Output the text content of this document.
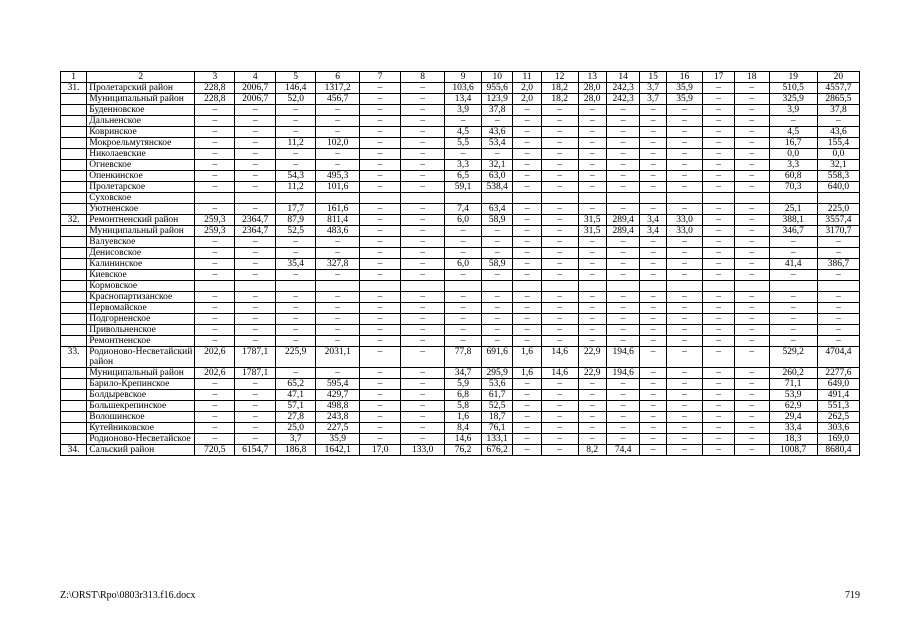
1	2	3	4	5	6	7	8	9	10	11	12	13	14	15	16	17	18	19	20
31.	Пролетарский район	228,8	2006,7	146,4	1317,2	–	–	103,6	955,6	2,0	18,2	28,0	242,3	3,7	35,9	–	–	510,5	4557,7
	Муниципальный район	228,8	2006,7	52,0	456,7	–	–	13,4	123,9	2,0	18,2	28,0	242,3	3,7	35,9	–	–	325,9	2865,5
	Буденновское	–	–	–	–	–	–	3,9	37,8	–	–	–	–	–	–	–	–	3,9	37,8
	Дальненское	–	–	–	–	–	–	–	–	–	–	–	–	–	–	–	–	–	–
	Ковринское	–	–	–	–	–	–	4,5	43,6	–	–	–	–	–	–	–	–	4,5	43,6
	Мокроельмутянское	–	–	11,2	102,0	–	–	5,5	53,4	–	–	–	–	–	–	–	–	16,7	155,4
	Николаевские	–	–	–	–	–	–	–	–	–	–	–	–	–	–	–	–	0,0	0,0
	Огневское	–	–	–	–	–	–	3,3	32,1	–	–	–	–	–	–	–	–	3,3	32,1
	Опенкинское	–	–	54,3	495,3	–	–	6,5	63,0	–	–	–	–	–	–	–	–	60,8	558,3
	Пролетарское	–	–	11,2	101,6	–	–	59,1	538,4	–	–	–	–	–	–	–	–	70,3	640,0
	Суховское																		
	Уютненское	–	–	17,7	161,6	–	–	7,4	63,4	–	–	–	–	–	–	–	–	25,1	225,0
32.	Ремонтненский район	259,3	2364,7	87,9	811,4	–	–	6,0	58,9	–	–	31,5	289,4	3,4	33,0	–	–	388,1	3557,4
	Муниципальный район	259,3	2364,7	52,5	483,6	–	–	–	–	–	–	31,5	289,4	3,4	33,0	–	–	346,7	3170,7
	Валуевское	–	–	–	–	–	–	–	–	–	–	–	–	–	–	–	–	–	–
	Денисовское	–	–	–	–	–	–	–	–	–	–	–	–	–	–	–	–	–	–
	Калининское	–	–	35,4	327,8	–	–	6,0	58,9	–	–	–	–	–	–	–	–	41,4	386,7
	Киевское	–	–	–	–	–	–	–	–	–	–	–	–	–	–	–	–	–	–
	Кормовское																		
	Краснопартизанское	–	–	–	–	–	–	–	–	–	–	–	–	–	–	–	–	–	–
	Первомайское	–	–	–	–	–	–	–	–	–	–	–	–	–	–	–	–	–	–
	Подгорненское	–	–	–	–	–	–	–	–	–	–	–	–	–	–	–	–	–	–
	Привольненское	–	–	–	–	–	–	–	–	–	–	–	–	–	–	–	–	–	–
	Ремонтненское	–	–	–	–	–	–	–	–	–	–	–	–	–	–	–	–	–	–
33.	Родионово-Несветайский район	202,6	1787,1	225,9	2031,1	–	–	77,8	691,6	1,6	14,6	22,9	194,6	–	–	–	–	529,2	4704,4
	Муниципальный район	202,6	1787,1	–	–	–	–	34,7	295,9	1,6	14,6	22,9	194,6	–	–	–	–	260,2	2277,6
	Барило-Крепинское	–	–	65,2	595,4	–	–	5,9	53,6	–	–	–	–	–	–	–	–	71,1	649,0
	Болдыревское	–	–	47,1	429,7	–	–	6,8	61,7	–	–	–	–	–	–	–	–	53,9	491,4
	Большекрепинское	–	–	57,1	498,8	–	–	5,8	52,5	–	–	–	–	–	–	–	–	62,9	551,3
	Волошинское	–	–	27,8	243,8	–	–	1,6	18,7	–	–	–	–	–	–	–	–	29,4	262,5
	Кутейниковское	–	–	25,0	227,5	–	–	8,4	76,1	–	–	–	–	–	–	–	–	33,4	303,6
	Родионово-Несветайское	–	–	3,7	35,9	–	–	14,6	133,1	–	–	–	–	–	–	–	–	18,3	169,0
34.	Сальский район	720,5	6154,7	186,8	1642,1	17,0	133,0	76,2	676,2	–	–	8,2	74,4	–	–	–	–	1008,7	8680,4
Z:\ORST\Rpo\0803r313.f16.docx	719
